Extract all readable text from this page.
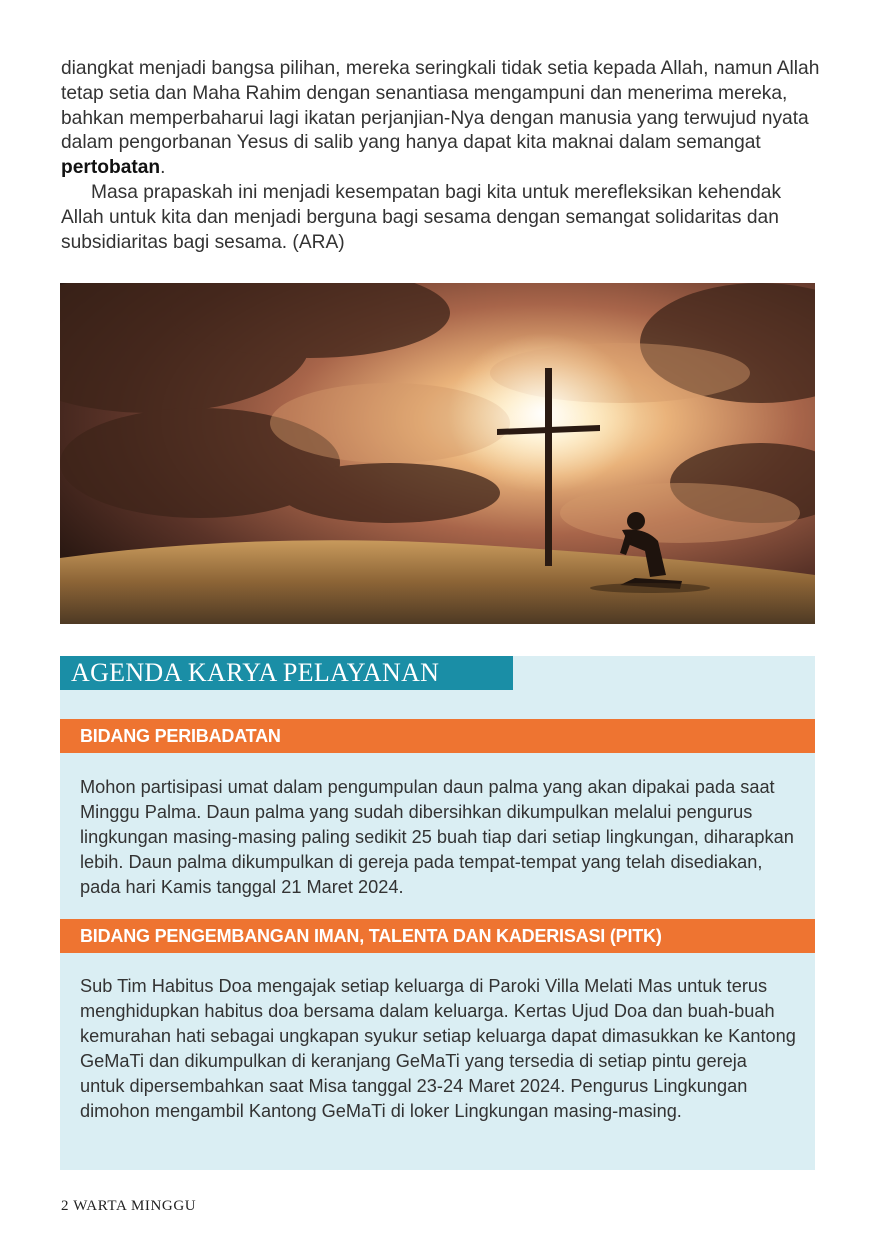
diangkat menjadi bangsa pilihan, mereka seringkali tidak setia kepada Allah, namun Allah tetap setia dan Maha Rahim dengan senantiasa mengampuni dan menerima mereka, bahkan memperbaharui lagi ikatan perjanjian-Nya dengan manusia yang terwujud nyata dalam pengorbanan Yesus di salib yang hanya dapat kita maknai dalam semangat pertobatan.

Masa prapaskah ini menjadi kesempatan bagi kita untuk merefleksikan kehendak Allah untuk kita dan menjadi berguna bagi sesama dengan semangat solidaritas dan subsidiaritas bagi sesama. (ARA)

AGENDA KARYA PELAYANAN
BIDANG PERIBADATAN
Mohon partisipasi umat dalam pengumpulan daun palma yang akan dipakai pada saat Minggu Palma. Daun palma yang sudah dibersihkan dikumpulkan melalui pengurus lingkungan masing-masing paling sedikit 25 buah tiap dari setiap lingkungan, diharapkan lebih. Daun palma dikumpulkan di gereja pada tempat-tempat yang telah disediakan, pada hari Kamis tanggal 21 Maret 2024.
BIDANG PENGEMBANGAN IMAN, TALENTA DAN KADERISASI (PITK)
Sub Tim Habitus Doa mengajak setiap keluarga di Paroki Villa Melati Mas untuk terus menghidupkan habitus doa bersama dalam keluarga. Kertas Ujud Doa dan buah-buah kemurahan hati sebagai ungkapan syukur setiap keluarga dapat dimasukkan ke Kantong GeMaTi dan dikumpulkan di keranjang GeMaTi yang tersedia di setiap pintu gereja untuk dipersembahkan saat Misa tanggal 23-24 Maret 2024. Pengurus Lingkungan dimohon mengambil Kantong GeMaTi di loker Lingkungan masing-masing.
2 WARTA MINGGU
